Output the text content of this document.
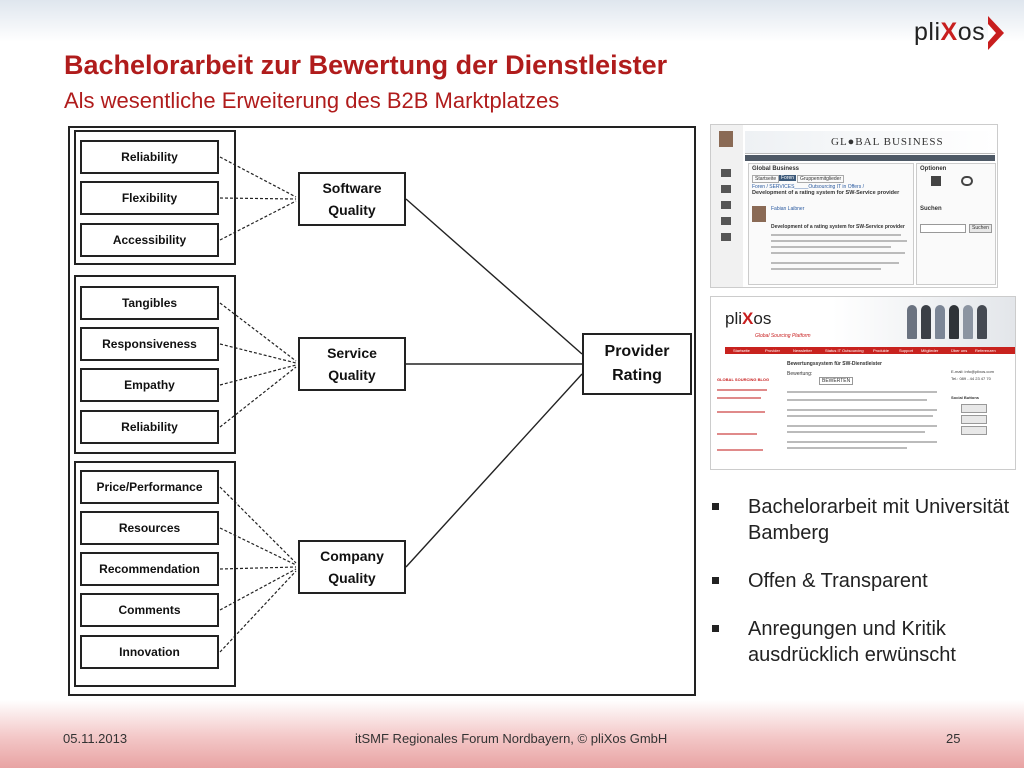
Bachelorarbeit zur Bewertung der Dienstleister
Als wesentliche Erweiterung des B2B Marktplatzes
pliXos
Reliability
Flexibility
Accessibility
Tangibles
Responsiveness
Empathy
Reliability
Price/Performance
Resources
Recommendation
Comments
Innovation
Software
Quality
Service
Quality
Company
Quality
Provider
Rating
GL●BAL BUSINESS
Global Business
Startseite Foren	Gruppenmitglieder
Foren / SERVICES_____Outsourcing IT in Offers /
Development of a rating system for SW-Service provider
Fabian Laibner
Development of a rating system for SW-Service provider
Optionen
Suchen
Suchen
pliXos
Global Sourcing Platform
Startseite	Provider	Newsletter	Status IT Outsourcing Produkte Support Mitglieder	Über uns Referenzen
GLOBAL SOURCING BLOG
Bewertungssystem für SW-Dienstleister
Bewertung:
BEWERTEN
E-mail: info@plixos.com
Tel.: 089 - 44 23 47 70
Social Buttons
Bachelorarbeit mit Universität Bamberg
Offen & Transparent
Anregungen und Kritik ausdrücklich erwünscht
05.11.2013	itSMF Regionales Forum Nordbayern, © pliXos GmbH	25
